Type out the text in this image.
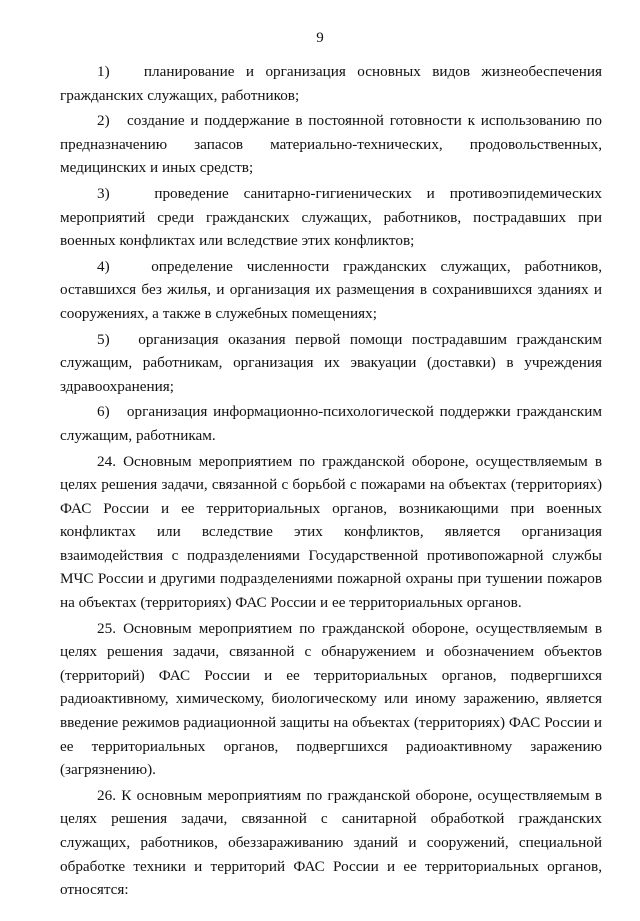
9

1)   планирование и организация основных видов жизнеобеспечения гражданских служащих, работников;

2)   создание и поддержание в постоянной готовности к использованию по предназначению запасов материально-технических, продовольственных, медицинских и иных средств;

3)   проведение санитарно-гигиенических и противоэпидемических мероприятий среди гражданских служащих, работников, пострадавших при военных конфликтах или вследствие этих конфликтов;

4)   определение численности гражданских служащих, работников, оставшихся без жилья, и организация их размещения в сохранившихся зданиях и сооружениях, а также в служебных помещениях;

5)   организация оказания первой помощи пострадавшим гражданским служащим, работникам, организация их эвакуации (доставки) в учреждения здравоохранения;

6)   организация информационно-психологической поддержки гражданским служащим, работникам.

24. Основным мероприятием по гражданской обороне, осуществляемым в целях решения задачи, связанной с борьбой с пожарами на объектах (территориях) ФАС России и ее территориальных органов, возникающими при военных конфликтах или вследствие этих конфликтов, является организация взаимодействия с подразделениями Государственной противопожарной службы МЧС России и другими подразделениями пожарной охраны при тушении пожаров на объектах (территориях) ФАС России и ее территориальных органов.

25. Основным мероприятием по гражданской обороне, осуществляемым в целях решения задачи, связанной с обнаружением и обозначением объектов (территорий) ФАС России и ее территориальных органов, подвергшихся радиоактивному, химическому, биологическому или иному заражению, является введение режимов радиационной защиты на объектах (территориях) ФАС России и ее территориальных органов, подвергшихся радиоактивному заражению (загрязнению).

26. К основным мероприятиям по гражданской обороне, осуществляемым в целях решения задачи, связанной с санитарной обработкой гражданских служащих, работников, обеззараживанию зданий и сооружений, специальной обработке техники и территорий ФАС России и ее территориальных органов, относятся:
